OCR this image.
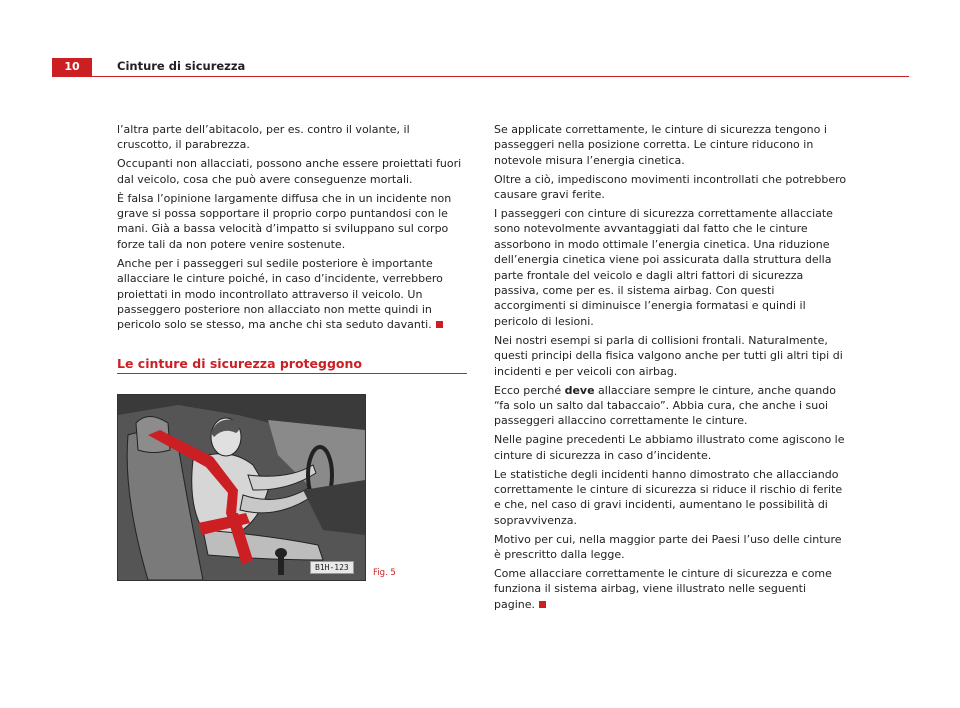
10	Cinture di sicurezza

l’altra parte dell’abitacolo, per es. contro il volante, il cruscotto, il parabrezza.

Occupanti non allacciati, possono anche essere proiettati fuori dal veicolo, cosa che può avere conseguenze mortali.

È falsa l’opinione largamente diffusa che in un incidente non grave si possa sopportare il proprio corpo puntandosi con le mani. Già a bassa velocità d’impatto si sviluppano sul corpo forze tali da non potere venire sostenute.

Anche per i passeggeri sul sedile posteriore è importante allacciare le cinture poiché, in caso d’incidente, verrebbero proiettati in modo incontrollato attraverso il veicolo. Un passeggero posteriore non allacciato non mette quindi in pericolo solo se stesso, ma anche chi sta seduto davanti.

Le cinture di sicurezza proteggono
B1H-123
Fig. 5

Se applicate correttamente, le cinture di sicurezza tengono i passeggeri nella posizione corretta. Le cinture riducono in notevole misura l’energia cinetica.

Oltre a ciò, impediscono movimenti incontrollati che potrebbero causare gravi ferite.

I passeggeri con cinture di sicurezza correttamente allacciate sono notevolmente avvantaggiati dal fatto che le cinture assorbono in modo ottimale l’energia cinetica. Una riduzione dell’energia cinetica viene poi assicurata dalla struttura della parte frontale del veicolo e dagli altri fattori di sicurezza passiva, come per es. il sistema airbag. Con questi accorgimenti si diminuisce l’energia formatasi e quindi il pericolo di lesioni.

Nei nostri esempi si parla di collisioni frontali. Naturalmente, questi principi della fisica valgono anche per tutti gli altri tipi di incidenti e per veicoli con airbag.

Ecco perché deve allacciare sempre le cinture, anche quando “fa solo un salto dal tabaccaio”. Abbia cura, che anche i suoi passeggeri allaccino correttamente le cinture.

Nelle pagine precedenti Le abbiamo illustrato come agiscono le cinture di sicurezza in caso d’incidente.

Le statistiche degli incidenti hanno dimostrato che allacciando correttamente le cinture di sicurezza si riduce il rischio di ferite e che, nel caso di gravi incidenti, aumentano le possibilità di sopravvivenza.

Motivo per cui, nella maggior parte dei Paesi l’uso delle cinture è prescritto dalla legge.

Come allacciare correttamente le cinture di sicurezza e come funziona il sistema airbag, viene illustrato nelle seguenti pagine.
